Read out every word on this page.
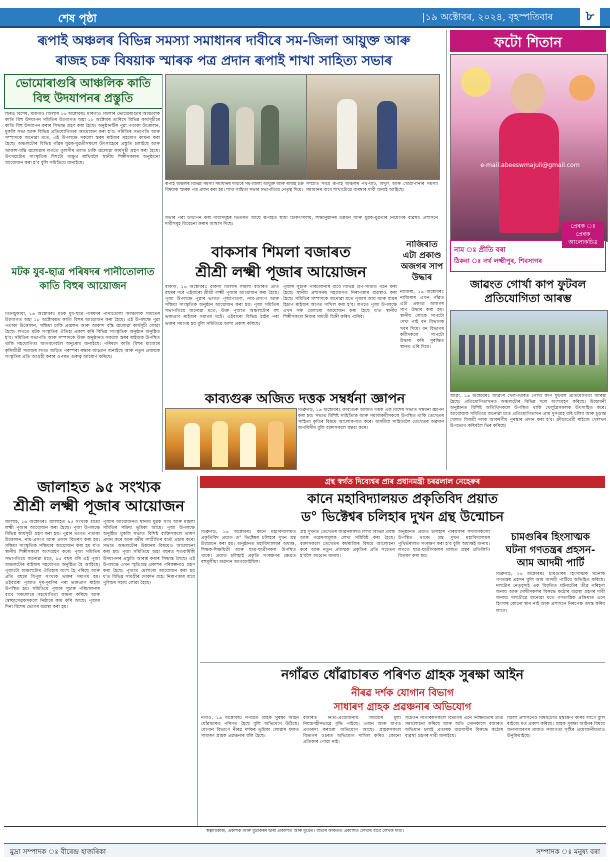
শেষ পৃষ্ঠা	|১৯ অক্টোবৰ, ২০২৪, বৃহস্পতিবাৰ	৮
ৰূপাই অঞ্চলৰ বিভিন্ন সমস্যা সমাধানৰ দাবীৰে সম-জিলা আয়ুক্ত আৰু
ৰাজহ চক্ৰ বিষয়াক স্মাৰক পত্ৰ প্ৰদান ৰূপাই শাখা সাহিত্য সভাৰ
ভোমোৰাগুৰি আঞ্চলিক কাতি বিহু উদযাপনৰ প্ৰস্তুতি
ছিৰঙ বিশেষ, মৰিগাঁও জিলাৰ ১৬ অক্টোবৰঃ মৰিগাঁও জিলাৰ ভোমোৰাগুৰি আঞ্চলিক কাতি বিহু উদযাপন সমিতিৰ উদ্যোগত অহা ১৮ অক্টোবৰ তাৰিখে বিভিন্ন কাৰ্যসূচীৰে কাতি বিহু উদযাপন কৰাৰ সিদ্ধান্ত গ্ৰহণ কৰা হৈছে। অনুষ্ঠানটিৰ পুৱা পতাকা উত্তোলন, মুকলি সভা আৰু বিভিন্ন প্ৰতিযোগিতাৰ আয়োজন কৰা হ'ব। সমিতিৰ সভাপতি আৰু সম্পাদকে জনোৱা মতে, এই উপলক্ষে সকলো স্তৰৰ ৰাইজৰ সহযোগ কামনা কৰা হৈছে। অঞ্চলটোৰ বিভিন্ন গাঁৱৰ যুৱক-যুৱতীসকলে উৎসাহেৰে প্ৰস্তুতি চলাইছে আৰু আকাশ-বন্তি জ্বলোৱাৰ লগতে তুলসীৰ তলত চাকি জ্বলোৱা কাৰ্যসূচী গ্ৰহণ কৰা হৈছে। উৎসৱটোৰ সাংস্কৃতিক দিশটো অক্ষুণ্ণ ৰাখিবলৈ স্থানীয় শিল্পীসকলৰ অনুষ্ঠানো আয়োজন কৰা হ'ব বুলি সমিতিয়ে জনাইছে।
ৰূপাই অঞ্চলৰ বিভিন্ন সমস্যা সমাধানৰ দাবীৰে সম-জিলা আয়ুক্ত আৰু ৰাজহ চক্ৰ বিষয়াক স্মাৰক পত্ৰ প্ৰদান কৰা হয়। শাখা সাহিত্য সভাৰ সভাপতিয়ে নেতৃত্ব দিয়ে।
সম্প্ৰতি সমগ্ৰ ৰূপাই অঞ্চলৰ পথ-ঘাট, বিদ্যুৎ আৰু খোৱাপানীৰ সমস্যা সমাধানৰ বাবে শাখাটোৱে বাৰম্বাৰ দাবী জনাই আহিছে।
সভাৰ পৰা উত্থাপন কৰা দাবীসমূহৰ ভিতৰত আছে ৰূপাইত স্থায়ী চিকিৎসালয়, শিক্ষানুষ্ঠানৰ উন্নয়ন আৰু যুৱক-যুৱতীৰ নিয়োগৰ ব্যৱস্থা। প্ৰশাসনে দাবীসমূহ বিবেচনা কৰাৰ আশ্বাস দিছে।
মটক যুব-ছাত্ৰ পৰিষদৰ পানীতোলাত কাতি বিহুৰ আয়োজন
তিনিচুকীয়া, ১৬ অক্টোবৰঃ মটক যুব-ছাত্ৰ পৰিষদৰ পানীতোলা আঞ্চলিক সমিতিৰ উদ্যোগত অহা ১৮ অক্টোবৰত কাতি বিহুৰ আয়োজন কৰা হৈছে। এই উপলক্ষে পুৱা পতাকা উত্তোলন, সন্ধিয়া চাকি প্ৰজ্বলন আৰু আকাশ বন্তি জ্বলোৱা কাৰ্যসূচী লোৱা হৈছে। লগতে মটক সংস্কৃতিৰ ঐতিহ্য প্ৰকাশ কৰি বিভিন্ন সাংস্কৃতিক অনুষ্ঠান অনুষ্ঠিত হ'ব। সমিতিৰ সভাপতি আৰু সম্পাদকে উক্ত অনুষ্ঠানত সকলো স্তৰৰ ৰাইজক উপস্থিত থাকি সহযোগিতা আগবঢ়াবলৈ অনুৰোধ জনাইছে। পৰিষদে কাতি বিহুৰ মাজেৰে কৃষিজীৱী সমাজৰ লগত জড়িত পৰম্পৰা ৰক্ষাৰ আহ্বান জনাইছে আৰু নতুন প্ৰজন্মক সংস্কৃতিৰ প্ৰতি আগ্ৰহী কৰাৰ ওপৰত গুৰুত্ব আৰোপ কৰিছে।
বাকসাৰ শিমলা বজাৰত
শ্ৰীশ্ৰী লক্ষ্মী পূজাৰ আয়োজন
বাকসা, ১৬ অক্টোবৰঃ বাকসা জিলাৰ শিমলা বজাৰত প্ৰতি বছৰৰ দৰে এইবাৰো শ্ৰীশ্ৰী লক্ষ্মী পূজাৰ আয়োজন কৰা হৈছে। পূজা উপলক্ষে পুৱাৰ ভাগত পূজাপাতল, নাম-প্ৰসংগ আৰু সন্ধিয়া সাংস্কৃতিক অনুষ্ঠান আয়োজন কৰা হয়। পূজা সমিতিৰ সভাপতিয়ে জনোৱা মতে, উক্ত পূজাত অঞ্চলটোৰ বহু ভক্তপ্ৰাণ ৰাইজৰ সমাগম ঘটে। এইবাৰো বিভিন্ন ঠাইৰ পৰা ভক্তৰ সমাগম হয় বুলি সমিতিয়ে আশা প্ৰকাশ কৰিছে।
পূজাৰ সুচাৰু পৰিচালনাৰ বাবে বিভিন্ন উপ-সমিতি গঠন কৰা হৈছে। স্থানীয় প্ৰশাসনৰ সহযোগত নিৰাপত্তাৰ ব্যৱস্থাও কৰা হৈছে। সমিতিৰ সম্পাদকে জনোৱা মতে পূজাৰ আয় আৰু ব্যয়ৰ হিচাপ ৰাইজৰ আগত দাখিল কৰা হ'ব। লগতে পূজা উপলক্ষে এখন সৰু মেলাৰো আয়োজন কৰা হৈছে য'ত স্থানীয় শিল্পীসকলে নিজৰ সামগ্ৰী বিক্ৰী কৰিব পাৰিব।
নাজিৰাত এটা প্ৰকাণ্ড অজগৰ সাপ উদ্ধাৰ
নাজিৰা, ১৬ অক্টোবৰঃ নাজিৰাৰ এখন গাঁৱত এটা প্ৰকাণ্ড অজগৰ সাপ উদ্ধাৰ কৰা হয়। স্থানীয় লোকে সাপটো দেখা পাই বন বিভাগক খবৰ দিয়ে। বন বিভাগৰ কৰ্মীসকলে সাপটো উদ্ধাৰ কৰি সুৰক্ষিত স্থানত এৰি দিয়ে।
ফটো শিতান
e-mail:abeeswmajuli@gmail.com
নাম ঃ প্ৰীতি বৰা
ঠিকনা ঃ নৰ্থ লক্ষ্মীপুৰ, শিবসাগৰ
প্ৰেৰক ঃ প্ৰেৰক আলোকচিত্ৰ
জাৱংত গোৰ্খা কাপ ফুটবল প্ৰতিযোগিতা আৰম্ভ
জাৱং, ১৬ অক্টোবৰঃ জাৱংৰ খেলপথাৰত গোৰ্খা কাপ ফুটবল প্ৰতিযোগিতা আৰম্ভ হৈছে। প্ৰতিযোগিতাখনত অঞ্চলটোৰ বিভিন্ন দলে অংশগ্ৰহণ কৰিছে। উদ্বোধনী অনুষ্ঠানত বিশিষ্ট অতিথিসকলে উপস্থিত থাকি খেলুৱৈসকলক উৎসাহিত কৰে। আয়োজক সমিতিয়ে জনোৱা মতে প্ৰতিযোগিতাখন প্ৰায় দুসপ্তাহ ধৰি চলিব আৰু চূড়ান্ত খেলত বিজয়ী দলক আকৰ্ষণীয় পুৰস্কাৰ প্ৰদান কৰা হ'ব। ক্ৰীড়াপ্ৰেমী ৰাইজে খেলখন উপভোগ কৰিবলৈ ভিৰ কৰিছে।
কাব্যগুৰু অজিত দত্তক সম্বৰ্ধনা জ্ঞাপন
ডিব্ৰুগড়, ১৬ অক্টোবৰঃ কাব্যগুৰু অজিত দত্তক এক বিশেষ সভাত সম্বৰ্ধনা জ্ঞাপন কৰা হয়। সভাত বিশিষ্ট সাহিত্যিক আৰু সমাজকৰ্মীসকলে উপস্থিত থাকি তেখেতৰ সাহিত্য কৃতিৰ বিষয়ে আলোকপাত কৰে। অসমীয়া সাহিত্যলৈ তেখেতৰ অৱদান অপৰিসীম বুলি বক্তাসকলে মন্তব্য কৰে।
জালাহত ৯৫ সংখ্যক
শ্ৰীশ্ৰী লক্ষ্মী পূজাৰ আয়োজন
জালাহ, ১৬ অক্টোবৰঃ জালাহত ৯৫ সংখ্যক শ্ৰীশ্ৰী লক্ষ্মী পূজাৰ আয়োজন কৰা হৈছে। পূজা উপলক্ষে বিভিন্ন কাৰ্যসূচী গ্ৰহণ কৰা হয়। পুৱাৰ ভাগত পতাকা উত্তোলন, নাম-প্ৰসংগ আৰু প্ৰসাদ বিতৰণ কৰা হয়। সন্ধিয়া সাংস্কৃতিক সন্ধিয়াৰ আয়োজন কৰা হয় য'ত স্থানীয় শিল্পীসকলে অংশগ্ৰহণ কৰে। পূজা সমিতিৰ সভাপতিয়ে জনোৱা মতে, ৯৫ বছৰ ধৰি এই পূজা অঞ্চলটোৰ ৰাইজৰ সহযোগত অনুষ্ঠিত হৈ আহিছে। পূজাটো অঞ্চলটোৰ ঐতিহ্যৰ অংশ হৈ পৰিছে আৰু প্ৰতি বছৰে বিপুল সংখ্যক ভক্তৰ সমাগম হয়। এইবাৰো পূজাত দূৰ-দূৰণিৰ পৰা ভক্তপ্ৰাণ ৰাইজ উপস্থিত হয়। সমিতিয়ে পূজাৰ সুচাৰু পৰিচালনাৰ বাবে সকলোৰে সহযোগিতা কামনা কৰিছে আৰু স্বেচ্ছাসেৱকসকলে নিষ্ঠাৰে কাম কৰি আছে। পূজাৰ দিনা বিশেষ ভোগৰ ব্যৱস্থা কৰা হয়।
পূজাৰ আয়োজনত স্থানীয় যুৱক সংঘ আৰু মহিলা সমিতিৰ সক্ৰিয় ভূমিকা আছে। পূজা উপলক্ষে অনুষ্ঠিত মুকলি সভাত বিশিষ্ট ব্যক্তিসকলে ভাষণ প্ৰদান কৰে আৰু ধৰ্মীয় সম্প্ৰীতিৰ বাৰ্তা প্ৰচাৰ কৰে। সভাত অঞ্চলটোৰ উন্নয়নৰ বিষয়েও আলোচনা কৰা হয়। পূজা সমিতিয়ে অহা বছৰত শতবাৰ্ষিকী উদযাপনৰ প্ৰস্তুতি আৰম্ভ কৰাৰ সিদ্ধান্ত লৈছে। এই উপলক্ষে এখন স্মৃতিগ্ৰন্থ প্ৰকাশৰ পৰিকল্পনাও গ্ৰহণ কৰা হৈছে। পূজাত মেলাৰো আয়োজন কৰা হয় য'ত বিভিন্ন সামগ্ৰীৰ দোকান বহে। নিৰাপত্তাৰ বাবে পুলিচৰ সহায় লোৱা হৈছে।
গ্ৰন্থ স্বৰ্গত দিব্যেশ্বৰ প্ৰাৰ প্ৰধানমন্ত্ৰী চৰৱলাল নেহেৰুৰ
কানে মহাবিদ্যালয়ত প্ৰকৃতিবিদ প্ৰয়াত
ড° ভিক্টেশ্বৰ চলিহাৰ দুখন গ্ৰন্থ উন্মোচন
ডিব্ৰুগড়, ১৬ অক্টোবৰঃ কানে মহাবিদ্যালয়ত প্ৰকৃতিবিদ প্ৰয়াত ড° ভিক্টেশ্বৰ চলিহাৰ দুখন গ্ৰন্থ উন্মোচন কৰা হয়। অনুষ্ঠানত মহাবিদ্যালয়ৰ অধ্যক্ষ, শিক্ষক-শিক্ষয়িত্ৰী আৰু ছাত্ৰ-ছাত্ৰীসকল উপস্থিত থাকে। প্ৰয়াত চলিহাই প্ৰকৃতি সংৰক্ষণৰ ক্ষেত্ৰত বহুমূলীয়া অৱদান আগবঢ়াইছিল।
গ্ৰন্থ দুখনত তেখেতৰ জীৱনকালত লিখা বিভিন্ন প্ৰবন্ধ আৰু গৱেষণামূলক লেখা সন্নিবিষ্ট কৰা হৈছে। বক্তাসকলে তেখেতৰ কৰ্মৰাজিৰ বিষয়ে আলোচনা কৰে আৰু নতুন প্ৰজন্মক প্ৰকৃতিৰ প্ৰতি সচেতন হ'বলৈ আহ্বান জনায়।
অনুষ্ঠানত প্ৰয়াত চলিহাৰ পৰিয়ালৰ সদস্যসকলো উপস্থিত থাকে। গ্ৰন্থ দুখন মহাবিদ্যালয়ৰ পুথিভঁৰালত সংৰক্ষণ কৰা হ'ব বুলি অধ্যক্ষই জনায়। লগতে ছাত্ৰ-ছাত্ৰীসকলৰ মাজত গ্ৰন্থৰ প্ৰতিলিপি বিতৰণ কৰা হয়।
নগাঁৱত ধোঁৱাচাৰত পৰিণত গ্ৰাহক সুৰক্ষা আইন
নীৰৱ দৰ্শক যোগান বিভাগ
সাধাৰণ গ্ৰাহক প্ৰৱঞ্চনাৰ অভিযোগ
নগাঁও, ১৬ অক্টোবৰঃ নগাঁৱত গ্ৰাহক সুৰক্ষা আইন ধোঁৱাচাৰত পৰিণত হৈছে বুলি অভিযোগ উঠিছে। যোগান বিভাগে নীৰৱ দৰ্শকৰ ভূমিকা লোৱাৰ ফলত সাধাৰণ গ্ৰাহক প্ৰৱঞ্চনাৰ বলি হৈছে।
বজাৰত নিত্য-প্ৰয়োজনীয় সামগ্ৰীৰ মূল্য নিয়ন্ত্ৰণহীনভাৱে বৃদ্ধি পাইছে। ওজন আৰু মাপত প্ৰতাৰণা কৰাৰো অভিযোগ আছে। গ্ৰাহকসকলে বিভাগৰ ওচৰত অভিযোগ দাখিল কৰিও কোনো প্ৰতিকাৰ পোৱা নাই।
সচেতন নাগৰিকসকলে বিভাগৰ এনে নিষ্ক্ৰিয়তাৰ তীব্ৰ সমালোচনা কৰিছে আৰু অতি সোনকালে বজাৰত অভিযান চলাই প্ৰতাৰক ব্যৱসায়ীৰ বিৰুদ্ধে কঠোৰ ব্যৱস্থা গ্ৰহণৰ দাবী জনাইছে।
জিলা প্ৰশাসনেও বিষয়টোত হস্তক্ষেপ কৰিব লাগে বুলি ৰাইজে মত প্ৰকাশ কৰিছে। গ্ৰাহক সুৰক্ষা আইনৰ বিষয়ে জনসাধাৰণৰ মাজত সজাগতা সৃষ্টিৰ প্ৰয়োজনীয়তাও উনুকিয়াইছে।
স্বত্বাধিকাৰী, প্ৰকাশক আৰু মুদ্ৰাকৰৰ দ্বাৰা প্ৰকাশিত আৰু মুদ্ৰিত। বাতৰি কাকতত প্ৰকাশিত লেখাৰ বাবে লেখক দায়ী।
মুদ্ৰা সম্পাদক ঃ বীৰেন্দ্ৰ হাজৰিকা	সম্পাদক ঃ মনুষ্য বৰা
চামগুৰিৰ হিংসাত্মক
ঘটনা গণতন্ত্ৰৰ প্ৰহসন-
আম আদমী পাৰ্টি
ডিব্ৰুগড়, ১৬ অক্টোবৰঃ চামগুৰিৰ হিংসাত্মক ঘটনাক গণতন্ত্ৰৰ প্ৰহসন বুলি আম আদমী পাৰ্টিয়ে অভিহিত কৰিছে। দলটোৰ নেতৃবৃন্দই এক বিবৃতিত ঘটনাটোৰ তীব্ৰ গৰিহণা জনায় আৰু দোষীসকলৰ বিৰুদ্ধে কঠোৰ ব্যৱস্থা গ্ৰহণৰ দাবী জনায়। দলটোৱে জনোৱা মতে গণতান্ত্ৰিক প্ৰক্ৰিয়াত এনে হিংসাৰ কোনো স্থান নাই আৰু প্ৰশাসনে নিৰপেক্ষ তদন্ত কৰিব লাগে।
